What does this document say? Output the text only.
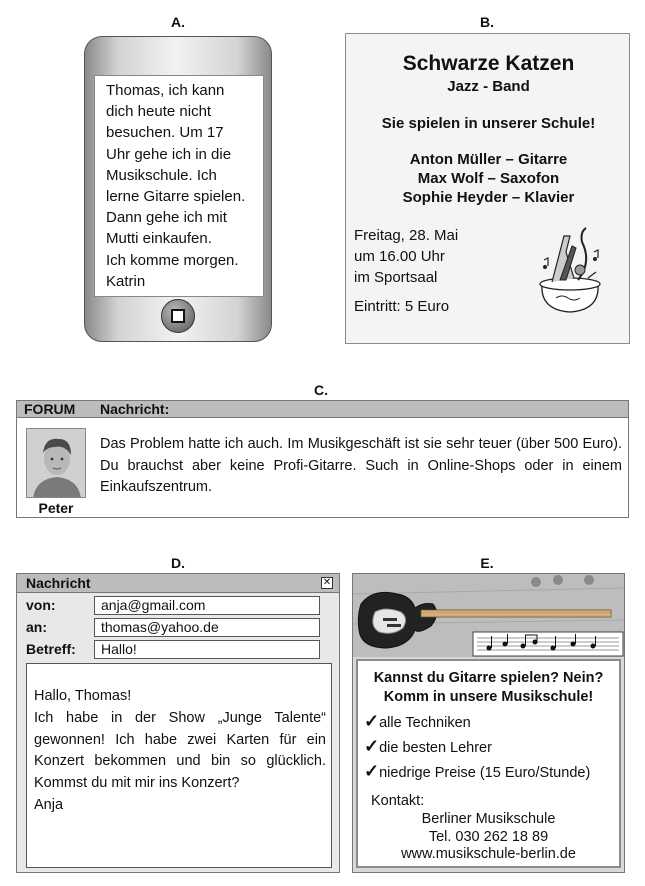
A.	B.
C.
D.	E.
Thomas, ich kann
dich heute nicht
besuchen. Um 17
Uhr gehe ich in die
Musikschule. Ich
lerne Gitarre spielen.
Dann gehe ich mit
Mutti einkaufen.
Ich komme morgen.
Katrin
Schwarze Katzen
Jazz - Band
Sie spielen in unserer Schule!
Anton Müller – Gitarre
Max Wolf – Saxofon
Sophie Heyder – Klavier
Freitag, 28. Mai
um 16.00 Uhr
im Sportsaal
Eintritt: 5 Euro
FORUM Nachricht:
Peter
Das Problem hatte ich auch. Im Musikgeschäft ist sie sehr teuer (über 500 Euro). Du brauchst aber keine Profi-Gitarre. Such in Online-Shops oder in einem Einkaufszentrum.
Nachricht	✕
von:	anja@gmail.com
an:	thomas@yahoo.de
Betreff:	Hallo!
Hallo, Thomas!
Ich habe in der Show „Junge Talente“ gewonnen! Ich habe zwei Karten für ein Konzert bekommen und bin so glücklich. Kommst du mit mir ins Konzert?
Anja
Kannst du Gitarre spielen? Nein?
Komm in unsere Musikschule!
✓alle Techniken
✓die besten Lehrer
✓niedrige Preise (15 Euro/Stunde)
Kontakt:
Berliner Musikschule
Tel. 030 262 18 89
www.musikschule-berlin.de
